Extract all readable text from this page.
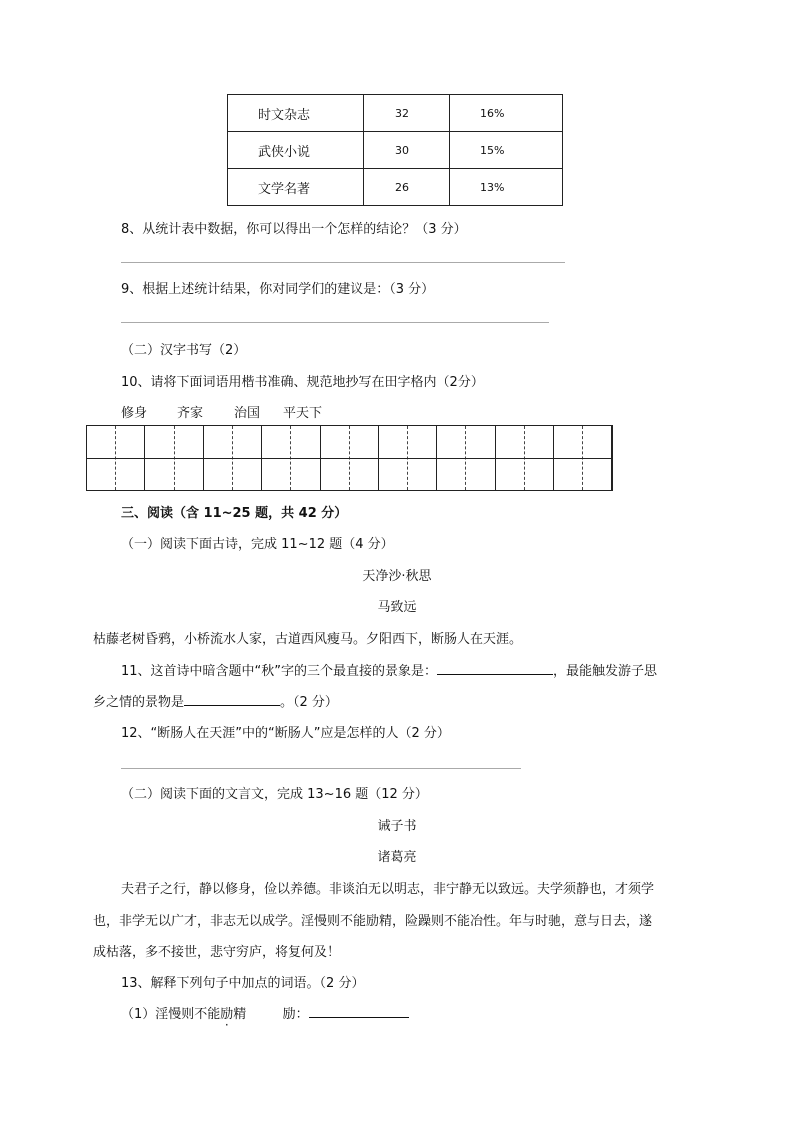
时文杂志	32	16%
武侠小说	30	15%
文学名著	26	13%
8、从统计表中数据，你可以得出一个怎样的结论？（3 分）
9、根据上述统计结果，你对同学们的建议是：（3 分）
（二）汉字书写（2）
10、请将下面词语用楷书准确、规范地抄写在田字格内（2分）
修身 齐家 治国 平天下
三、阅读（含 11~25 题，共 42 分）
（一）阅读下面古诗，完成 11~12 题（4 分）
天净沙·秋思
马致远
枯藤老树昏鸦，小桥流水人家，古道西风瘦马。夕阳西下，断肠人在天涯。
11、这首诗中暗含题中“秋”字的三个最直接的景象是：	，最能触发游子思
乡之情的景物是	。（2 分）
12、“断肠人在天涯”中的“断肠人”应是怎样的人（2 分）
（二）阅读下面的文言文，完成 13~16 题（12 分）
诫子书
诸葛亮
夫君子之行，静以修身，俭以养德。非谈泊无以明志，非宁静无以致远。夫学须静也，才须学
也，非学无以广才，非志无以成学。淫慢则不能励精，险躁则不能冶性。年与时驰，意与日去，遂
成枯落，多不接世，悲守穷庐，将复何及！
13、解释下列句子中加点的词语。（2 分）
（1）淫慢则不能励精	励：
